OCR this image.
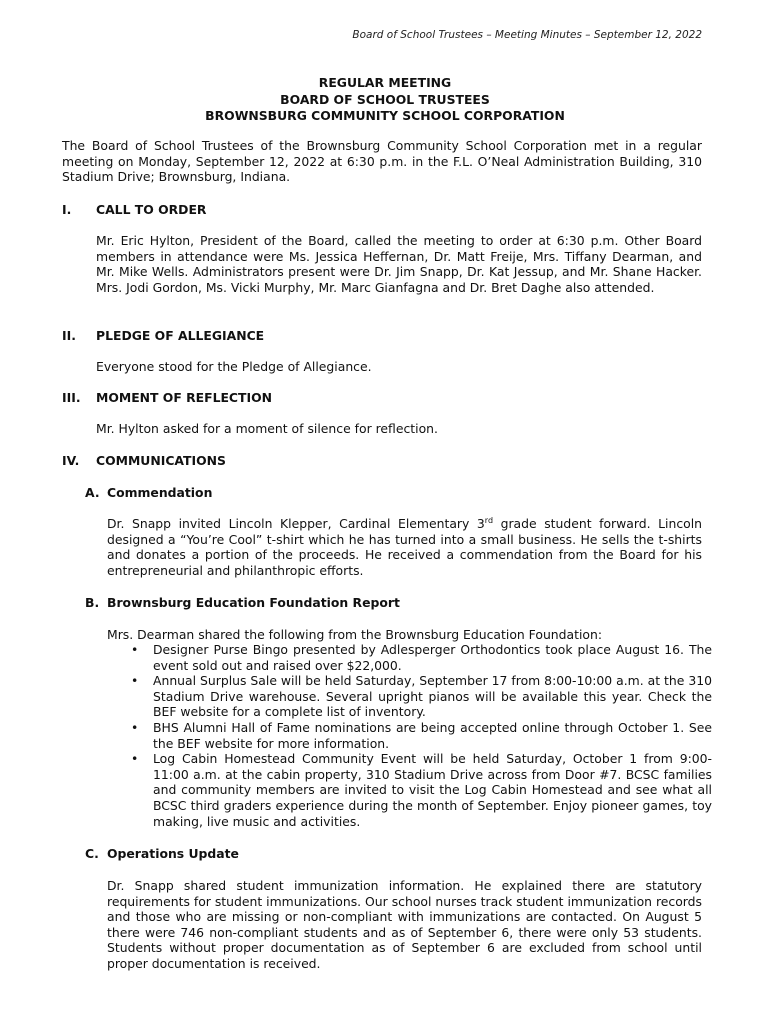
Board of School Trustees – Meeting Minutes – September 12, 2022
REGULAR MEETING
BOARD OF SCHOOL TRUSTEES
BROWNSBURG COMMUNITY SCHOOL CORPORATION
The Board of School Trustees of the Brownsburg Community School Corporation met in a regular meeting on Monday, September 12, 2022 at 6:30 p.m. in the F.L. O’Neal Administration Building, 310 Stadium Drive; Brownsburg, Indiana.
I. CALL TO ORDER
Mr. Eric Hylton, President of the Board, called the meeting to order at 6:30 p.m. Other Board members in attendance were Ms. Jessica Heffernan, Dr. Matt Freije, Mrs. Tiffany Dearman, and Mr. Mike Wells. Administrators present were Dr. Jim Snapp, Dr. Kat Jessup, and Mr. Shane Hacker. Mrs. Jodi Gordon, Ms. Vicki Murphy, Mr. Marc Gianfagna and Dr. Bret Daghe also attended.
II. PLEDGE OF ALLEGIANCE
Everyone stood for the Pledge of Allegiance.
III. MOMENT OF REFLECTION
Mr. Hylton asked for a moment of silence for reflection.
IV. COMMUNICATIONS
A. Commendation
Dr. Snapp invited Lincoln Klepper, Cardinal Elementary 3rd grade student forward. Lincoln designed a “You’re Cool” t-shirt which he has turned into a small business. He sells the t-shirts and donates a portion of the proceeds. He received a commendation from the Board for his entrepreneurial and philanthropic efforts.
B. Brownsburg Education Foundation Report
Mrs. Dearman shared the following from the Brownsburg Education Foundation:
• Designer Purse Bingo presented by Adlesperger Orthodontics took place August 16. The event sold out and raised over $22,000.
• Annual Surplus Sale will be held Saturday, September 17 from 8:00-10:00 a.m. at the 310 Stadium Drive warehouse. Several upright pianos will be available this year. Check the BEF website for a complete list of inventory.
• BHS Alumni Hall of Fame nominations are being accepted online through October 1. See the BEF website for more information.
• Log Cabin Homestead Community Event will be held Saturday, October 1 from 9:00-11:00 a.m. at the cabin property, 310 Stadium Drive across from Door #7. BCSC families and community members are invited to visit the Log Cabin Homestead and see what all BCSC third graders experience during the month of September. Enjoy pioneer games, toy making, live music and activities.
C. Operations Update
Dr. Snapp shared student immunization information. He explained there are statutory requirements for student immunizations. Our school nurses track student immunization records and those who are missing or non-compliant with immunizations are contacted. On August 5 there were 746 non-compliant students and as of September 6, there were only 53 students. Students without proper documentation as of September 6 are excluded from school until proper documentation is received.
